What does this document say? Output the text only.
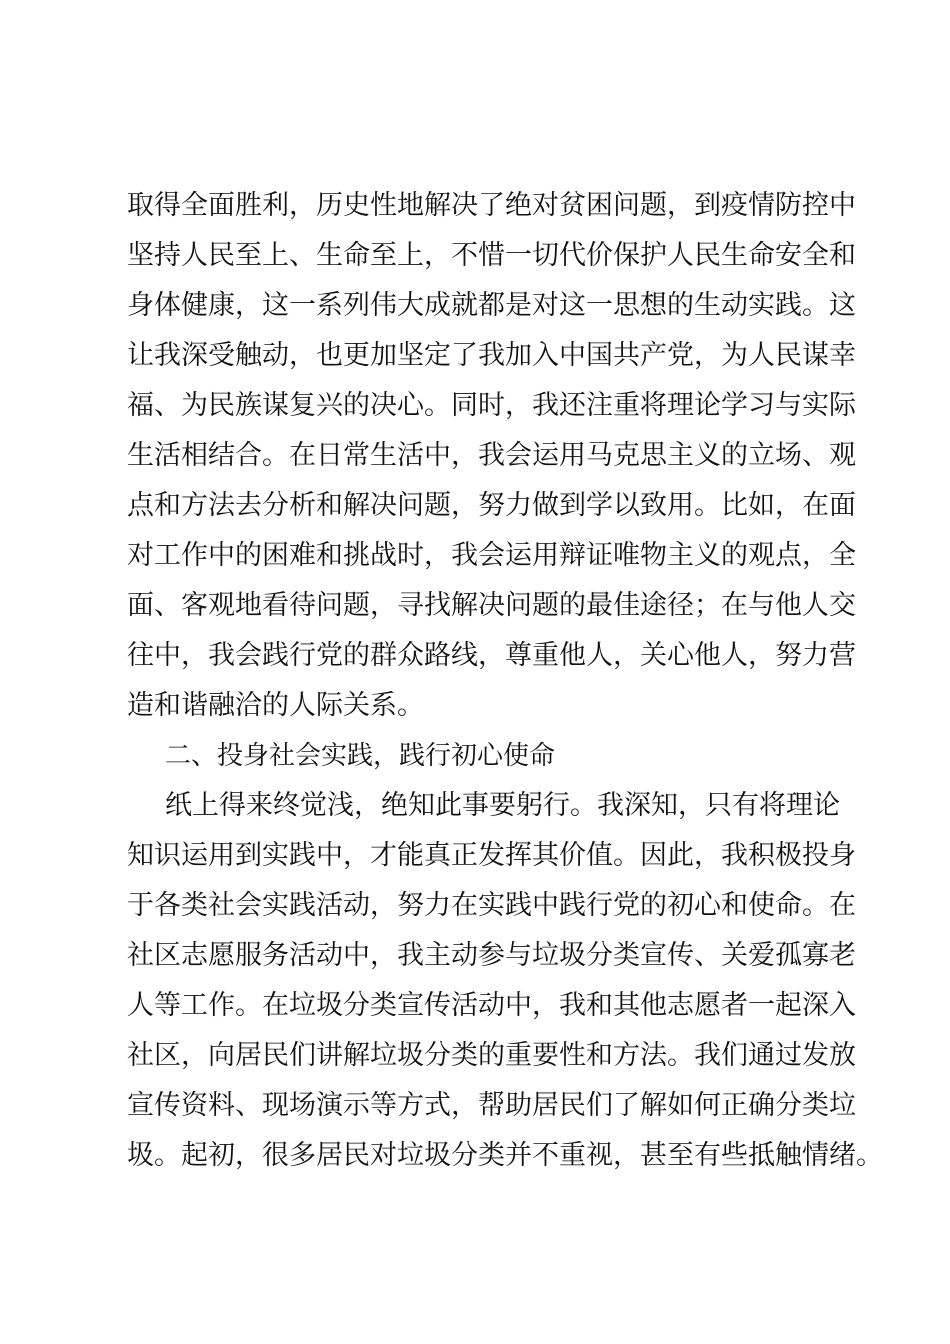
取得全面胜利，历史性地解决了绝对贫困问题，到疫情防控中
坚持人民至上、生命至上，不惜一切代价保护人民生命安全和
身体健康，这一系列伟大成就都是对这一思想的生动实践。这
让我深受触动，也更加坚定了我加入中国共产党，为人民谋幸
福、为民族谋复兴的决心。同时，我还注重将理论学习与实际
生活相结合。在日常生活中，我会运用马克思主义的立场、观
点和方法去分析和解决问题，努力做到学以致用。比如，在面
对工作中的困难和挑战时，我会运用辩证唯物主义的观点，全
面、客观地看待问题，寻找解决问题的最佳途径；在与他人交
往中，我会践行党的群众路线，尊重他人，关心他人，努力营
造和谐融洽的人际关系。
二、投身社会实践，践行初心使命
纸上得来终觉浅，绝知此事要躬行。我深知，只有将理论
知识运用到实践中，才能真正发挥其价值。因此，我积极投身
于各类社会实践活动，努力在实践中践行党的初心和使命。在
社区志愿服务活动中，我主动参与垃圾分类宣传、关爱孤寡老
人等工作。在垃圾分类宣传活动中，我和其他志愿者一起深入
社区，向居民们讲解垃圾分类的重要性和方法。我们通过发放
宣传资料、现场演示等方式，帮助居民们了解如何正确分类垃
圾。起初，很多居民对垃圾分类并不重视，甚至有些抵触情绪。
